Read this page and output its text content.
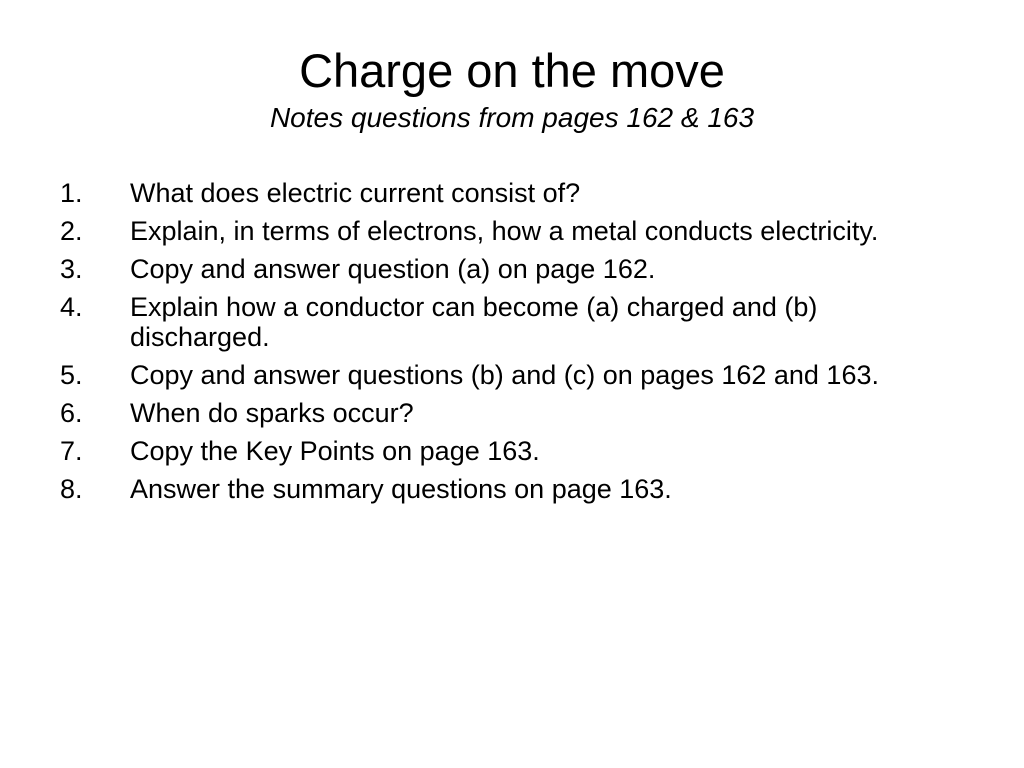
Charge on the move

Notes questions from pages 162 & 163

1.	What does electric current consist of?
2.	Explain, in terms of electrons, how a metal conducts electricity.
3.	Copy and answer question (a) on page 162.
4.	Explain how a conductor can become (a) charged and (b) discharged.
5.	Copy and answer questions (b) and (c) on pages 162 and 163.
6.	When do sparks occur?
7.	Copy the Key Points on page 163.
8.	Answer the summary questions on page 163.
